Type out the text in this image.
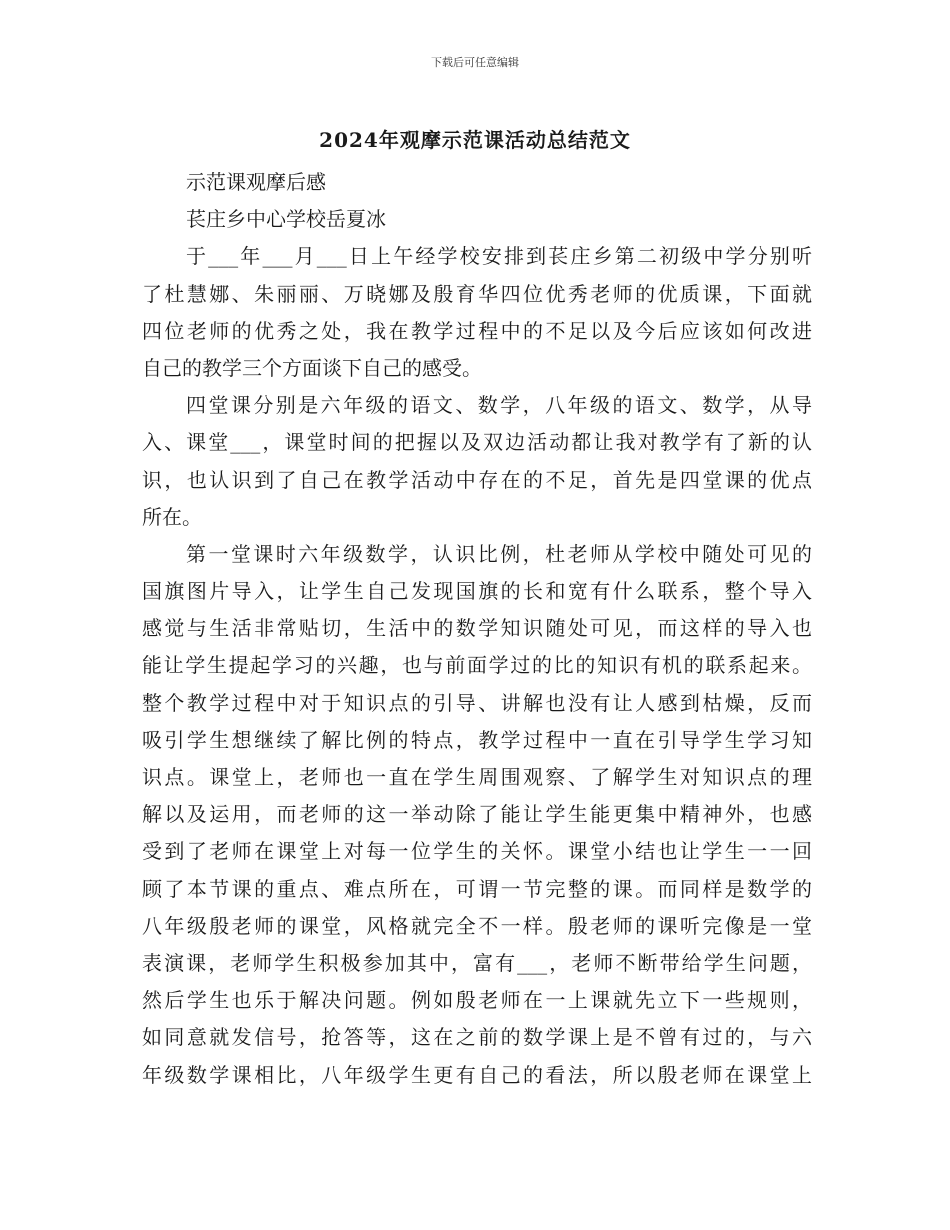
下载后可任意编辑
2024年观摩示范课活动总结范文
示范课观摩后感
苌庄乡中心学校岳夏冰
于___年___月___日上午经学校安排到苌庄乡第二初级中学分别听
了杜慧娜、朱丽丽、万晓娜及殷育华四位优秀老师的优质课，下面就
四位老师的优秀之处，我在教学过程中的不足以及今后应该如何改进
自己的教学三个方面谈下自己的感受。
四堂课分别是六年级的语文、数学，八年级的语文、数学，从导
入、课堂___，课堂时间的把握以及双边活动都让我对教学有了新的认
识，也认识到了自己在教学活动中存在的不足，首先是四堂课的优点
所在。
第一堂课时六年级数学，认识比例，杜老师从学校中随处可见的
国旗图片导入，让学生自己发现国旗的长和宽有什么联系，整个导入
感觉与生活非常贴切，生活中的数学知识随处可见，而这样的导入也
能让学生提起学习的兴趣，也与前面学过的比的知识有机的联系起来。
整个教学过程中对于知识点的引导、讲解也没有让人感到枯燥，反而
吸引学生想继续了解比例的特点，教学过程中一直在引导学生学习知
识点。课堂上，老师也一直在学生周围观察、了解学生对知识点的理
解以及运用，而老师的这一举动除了能让学生能更集中精神外，也感
受到了老师在课堂上对每一位学生的关怀。课堂小结也让学生一一回
顾了本节课的重点、难点所在，可谓一节完整的课。而同样是数学的
八年级殷老师的课堂，风格就完全不一样。殷老师的课听完像是一堂
表演课，老师学生积极参加其中，富有___，老师不断带给学生问题，
然后学生也乐于解决问题。例如殷老师在一上课就先立下一些规则，
如同意就发信号，抢答等，这在之前的数学课上是不曾有过的，与六
年级数学课相比，八年级学生更有自己的看法，所以殷老师在课堂上
